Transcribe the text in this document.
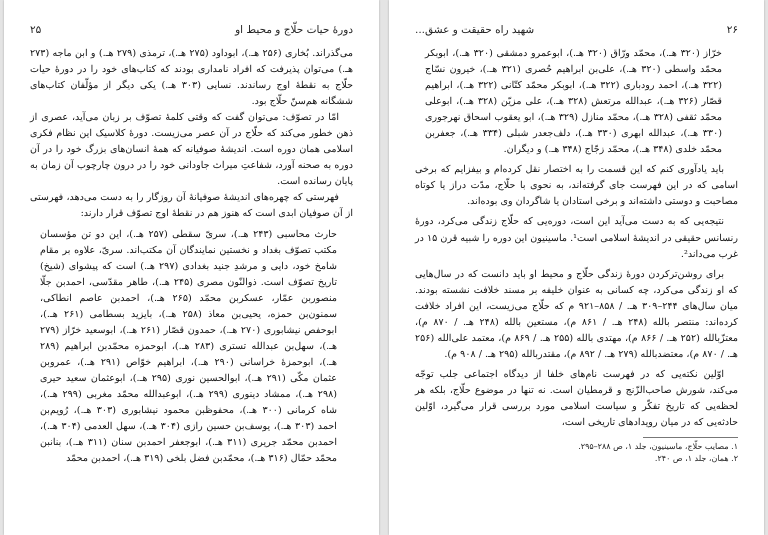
دورهٔ حیات حلّاج و محیط او
۲۵

می‌گذراند. بُخاری (۲۵۶ هـ.)، ابوداود (۲۷۵ هـ.)، ترمذی (۲۷۹ هـ.) و ابن ماجه (۲۷۳ هـ.) می‌توان پذیرفت که افراد نامداری بودند که کتاب‌های خود را در دورهٔ حیات حلّاج به نقطهٔ اوج رساندند. نسایی (۳۰۳ هـ.) یکی دیگر از مؤلّفان کتاب‌های ششگانه هم‌سنّ حلّاج بود.

امّا در تصوّف: می‌توان گفت که وقتی کلمهٔ تصوّف بر زبان می‌آید، عصری از ذهن خطور می‌کند که حلّاج در آن عصر می‌زیست. دورهٔ کلاسیک این نظام فکری اسلامی همان دوره است. اندیشهٔ صوفیانه که همهٔ انسان‌های بزرگ خود را در آن دوره به صحنه آورد، شفاعتِ میراث جاودانی خود را در درون چارچوب آن زمان به پایان رسانده است.

فهرستی که چهره‌های اندیشهٔ صوفیانهٔ آن روزگار را به دست می‌دهد، فهرستی از آن صوفیان ابدی است که هنوز هم در نقطهٔ اوج تصوّف قرار دارند:

حارث محاسبی (۲۴۳ هـ.)، سریّ سقطی (۲۵۷ هـ.)، این دو تن مؤسسان مکتب تصوّف بغداد و نخستین نمایندگان آن مکتب‌اند. سریّ، علاوه بر مقام شامخ خود، دایی و مرشدِ جنید بغدادی (۲۹۷ هـ.) است که پیشوای (شیخ) تاریخ تصوّف است. ذوالنّون مصری (۲۴۵ هـ.)، طاهر مقدّسی، احمدبن جلّا منصوربن عمّار، عسکربن محمّد (۲۶۵ هـ.)، احمدبن عاصم انطاکی، سمنون‌بن حمزه، یحیی‌بن معاذ (۲۵۸ هـ.)، بایزید بسطامی (۲۶۱ هـ.)، ابوحفص نیشابوری (۲۷۰ هـ.)، حمدون قصّار (۲۶۱ هـ.)، ابوسعید خرّاز (۲۷۹ هـ.)، سهل‌بن عبدالله تستری (۲۸۳ هـ.)، ابوحمزه محمّدبن ابراهیم (۲۸۹ هـ.)، ابوحمزهٔ خراسانی (۲۹۰ هـ.)، ابراهیم خوّاص (۲۹۱ هـ.)، عمروبن عثمان مکّی (۲۹۱ هـ.)، ابوالحسین نوری (۲۹۵ هـ.)، ابوعثمان سعید حیری (۲۹۸ هـ.)، ممشاد دینوری (۲۹۹ هـ.)، ابوعبدالله محمّد مغربی (۲۹۹ هـ.)، شاه کرمانی (۳۰۰ هـ.)، محفوظبن محمود نیشابوری (۳۰۳ هـ.)، رُویم‌بن احمد (۳۰۳ هـ.)، یوسف‌بن حسین رازی (۳۰۴ هـ.)، سهل العدمی (۳۰۴ هـ.)، احمدبن محمّد جریری (۳۱۱ هـ.)، ابوجعفر احمدبن سنان (۳۱۱ هـ.)، بنانبن محمّد حمّال (۳۱۶ هـ.)، محمّدبن فضل بلخی (۳۱۹ هـ.)، احمدبن محمّد

۲۶
شهید راه حقیقت و عشق...

خرّاز (۳۲۰ هـ.)، محمّد ورّاق (۳۲۰ هـ.)، ابوعمرو دمشقی (۳۲۰ هـ.)، ابوبکر محمّد واسطی (۳۲۰ هـ.)، علی‌بن ابراهیم حُصری (۳۲۱ هـ.)، خیرون نسّاج (۳۲۲ هـ.)، احمد رودباری (۳۲۲ هـ.)، ابوبکر محمّد کتّانی (۳۲۲ هـ.)، ابراهیم قصّار (۳۲۶ هـ.)، عبدالله مرتعش (۳۲۸ هـ.)، علی مزیّن (۳۲۸ هـ.)، ابوعلی محمّد ثقفی (۳۲۸ هـ.)، محمّد منازل (۳۲۹ هـ.)، ابو یعقوب اسحاق نهرجوری (۳۳۰ هـ.)، عبدالله ابهری (۳۳۰ هـ.)، دلف‌جعدر شبلی (۳۳۴ هـ.)، جعفربن محمّد خلدی (۳۴۸ هـ.)، محمّد زجّاج (۳۴۸ هـ.) و دیگران.

باید یادآوری کنم که این قسمت را به اختصار نقل کرده‌ام و بیفزایم که برخی اسامی که در این فهرست جای گرفته‌اند، به نحوی با حلّاج، مدّت دراز یا کوتاه مصاحبت و دوستی داشته‌اند و برخی استادان یا شاگردان وی بوده‌اند.

نتیجه‌یی که به دست می‌آید این است، دوره‌یی که حلّاج زندگی می‌کرد، دورهٔ رنسانس حقیقی در اندیشهٔ اسلامی است¹. ماسینیون این دوره را شبیه قرن ۱۵ در غرب می‌داند².

برای روشن‌ترکردن دورهٔ زندگی حلّاج و محیط او باید دانست که در سال‌هایی که او زندگی می‌کرد، چه کسانی به عنوان خلیفه بر مسند خلافت نشسته بودند. میان سال‌های ۲۴۴–۳۰۹ هـ. / ۸۵۸–۹۲۱ م که حلّاج می‌زیست، این افراد خلافت کرده‌اند: منتصر بالله (۲۴۸ هـ. / ۸۶۱ م)، مستعین بالله (۲۴۸ هـ. / ۸۷۰ م)، معتزّبالله (۲۵۲ هـ. / ۸۶۶ م)، مهتدی بالله (۲۵۵ هـ. / ۸۶۹ م)، معتمد علی‌الله (۲۵۶ هـ. / ۸۷۰ م)، معتضدبالله (۲۷۹ هـ. / ۸۹۲ م)، مقتدربالله (۲۹۵ هـ. / ۹۰۸ م).

اوّلین نکته‌یی که در فهرست نام‌های خلفا از دیدگاه اجتماعی جلب توجّه می‌کند، شورش صاحب‌الزّنج و قرمطیان است. نه تنها در موضوع حلّاج، بلکه هر لحظه‌یی که تاریخ تفکّر و سیاست اسلامی مورد بررسی قرار می‌گیرد، اوّلین حادثه‌یی که در میان رویدادهای تاریخی است،

۱. مصایب حلّاج، ماسینیون، جلد ۱، ص ۲۸۸–۲۹۵.
۲. همان، جلد ۱، ص ۲۴۰.
